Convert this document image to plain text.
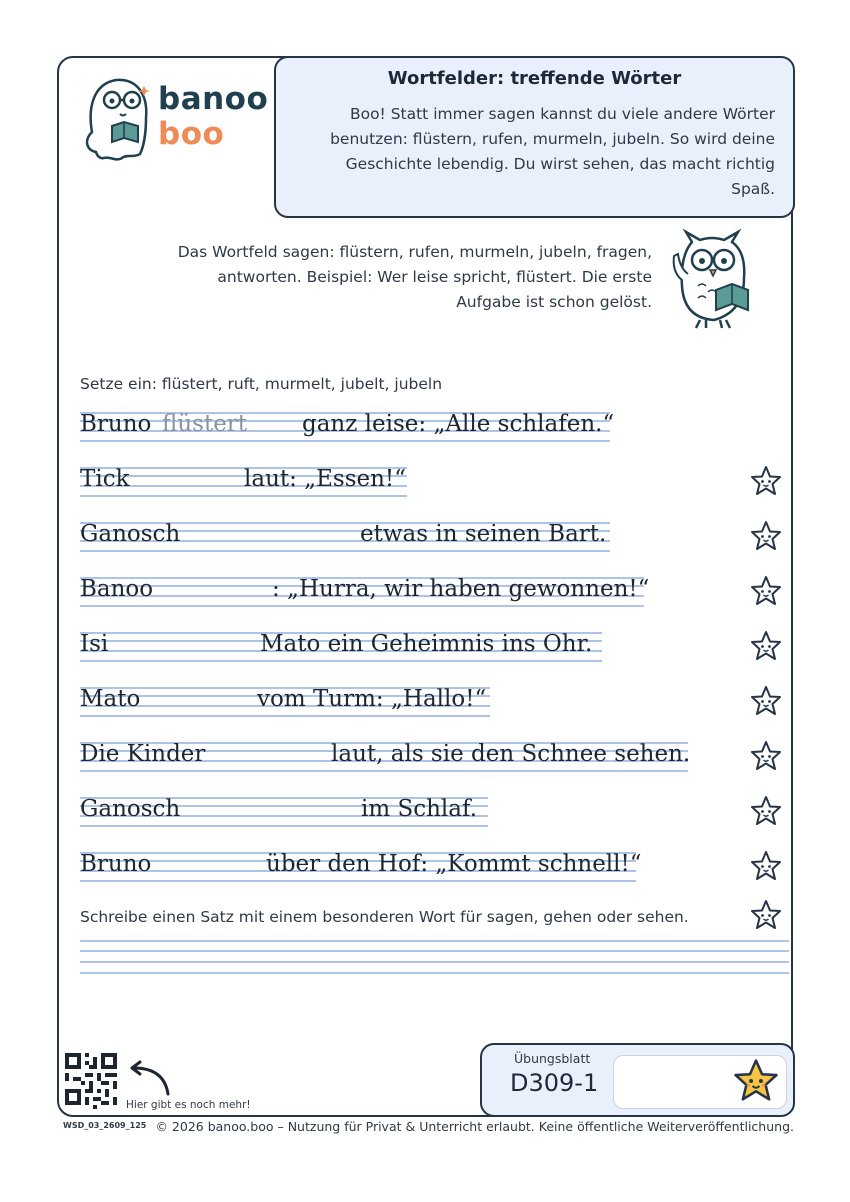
banoo
boo
Wortfelder: treffende Wörter
Boo! Statt immer sagen kannst du viele andere Wörter benutzen: flüstern, rufen, murmeln, jubeln. So wird deine Geschichte lebendig. Du wirst sehen, das macht richtig Spaß.
Das Wortfeld sagen: flüstern, rufen, murmeln, jubeln, fragen, antworten. Beispiel: Wer leise spricht, flüstert. Die erste Aufgabe ist schon gelöst.
Setze ein: flüstert, ruft, murmelt, jubelt, jubeln
Bruno flüstert ganz leise: „Alle schlafen.“
Tick	laut: „Essen!“
Ganosch	etwas in seinen Bart.
Banoo	: „Hurra, wir haben gewonnen!“
Isi	Mato ein Geheimnis ins Ohr.
Mato	vom Turm: „Hallo!“
Die Kinder	laut, als sie den Schnee sehen.
Ganosch	im Schlaf.
Bruno	über den Hof: „Kommt schnell!“
Schreibe einen Satz mit einem besonderen Wort für sagen, gehen oder sehen.
Hier gibt es noch mehr!
Übungsblatt
D309-1
WSD_03_2609_125 © 2026 banoo.boo – Nutzung für Privat & Unterricht erlaubt. Keine öffentliche Weiterveröffentlichung.
